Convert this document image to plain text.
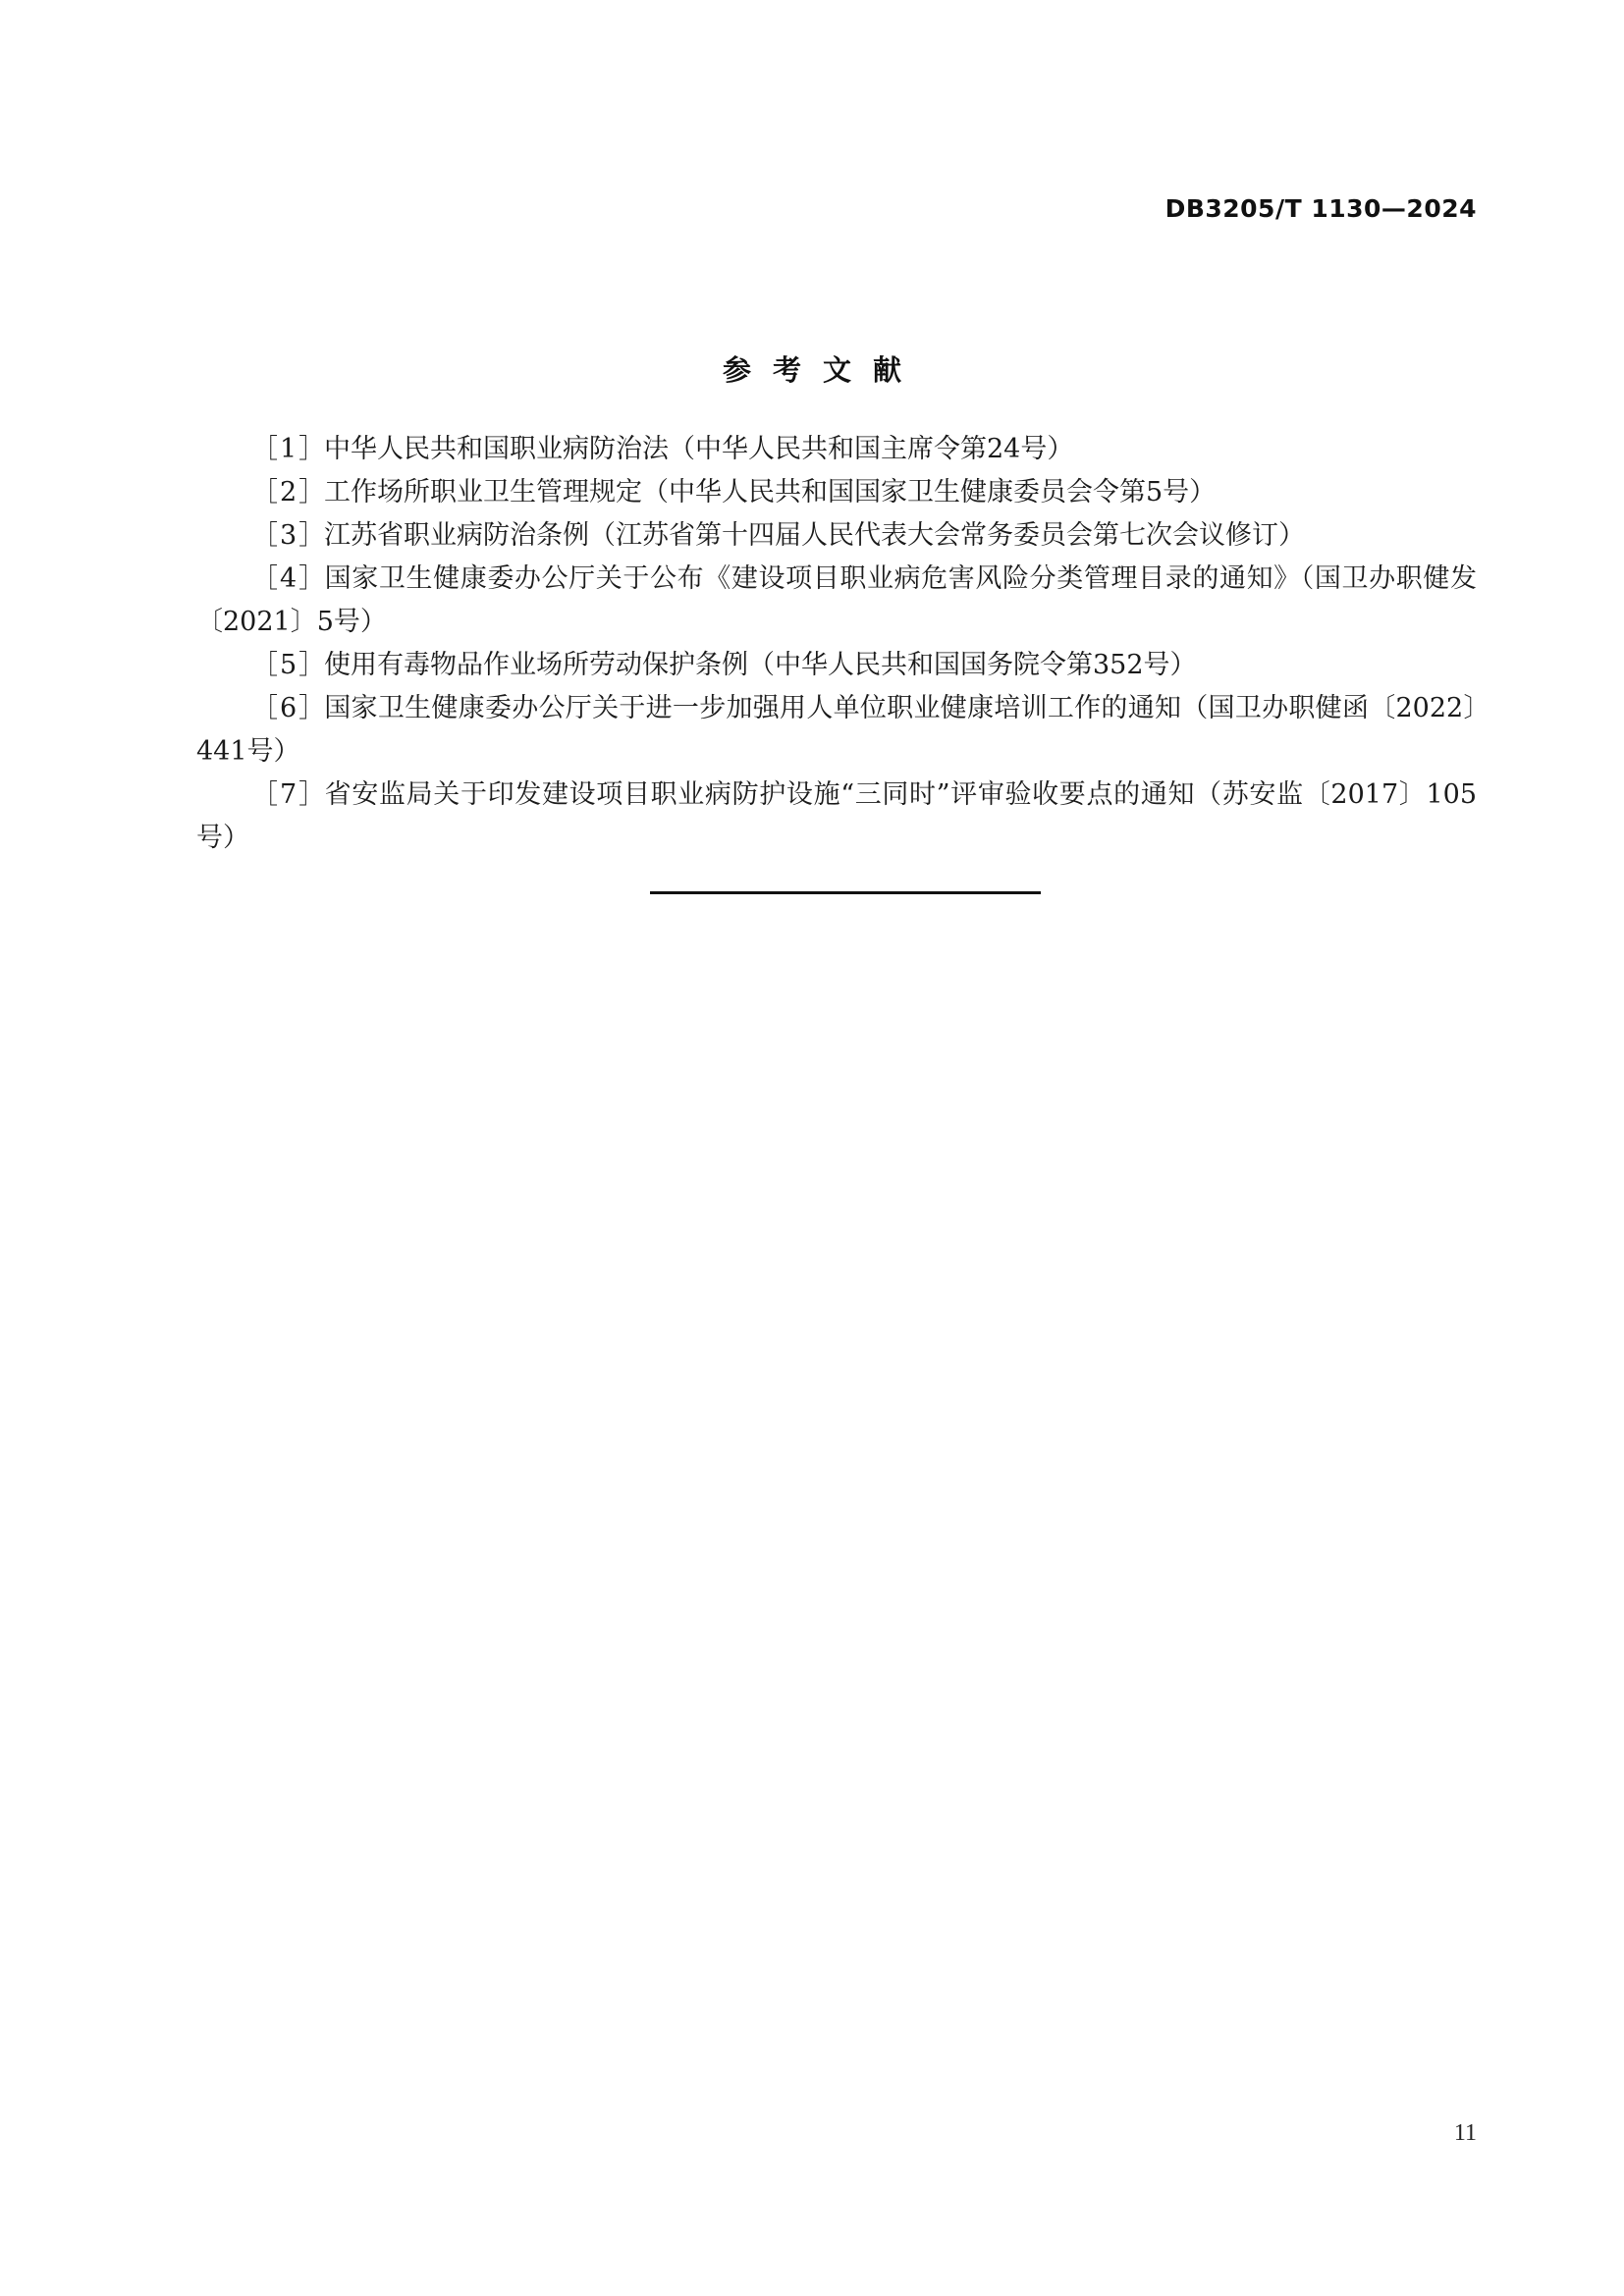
DB3205/T 1130—2024
参考文献
［1］中华人民共和国职业病防治法（中华人民共和国主席令第24号）
［2］工作场所职业卫生管理规定（中华人民共和国国家卫生健康委员会令第5号）
［3］江苏省职业病防治条例（江苏省第十四届人民代表大会常务委员会第七次会议修订）
［4］国家卫生健康委办公厅关于公布《建设项目职业病危害风险分类管理目录的通知》（国卫办职健发〔2021〕5号）
［5］使用有毒物品作业场所劳动保护条例（中华人民共和国国务院令第352号）
［6］国家卫生健康委办公厅关于进一步加强用人单位职业健康培训工作的通知（国卫办职健函〔2022〕441号）
［7］省安监局关于印发建设项目职业病防护设施“三同时”评审验收要点的通知（苏安监〔2017〕105号）
11
